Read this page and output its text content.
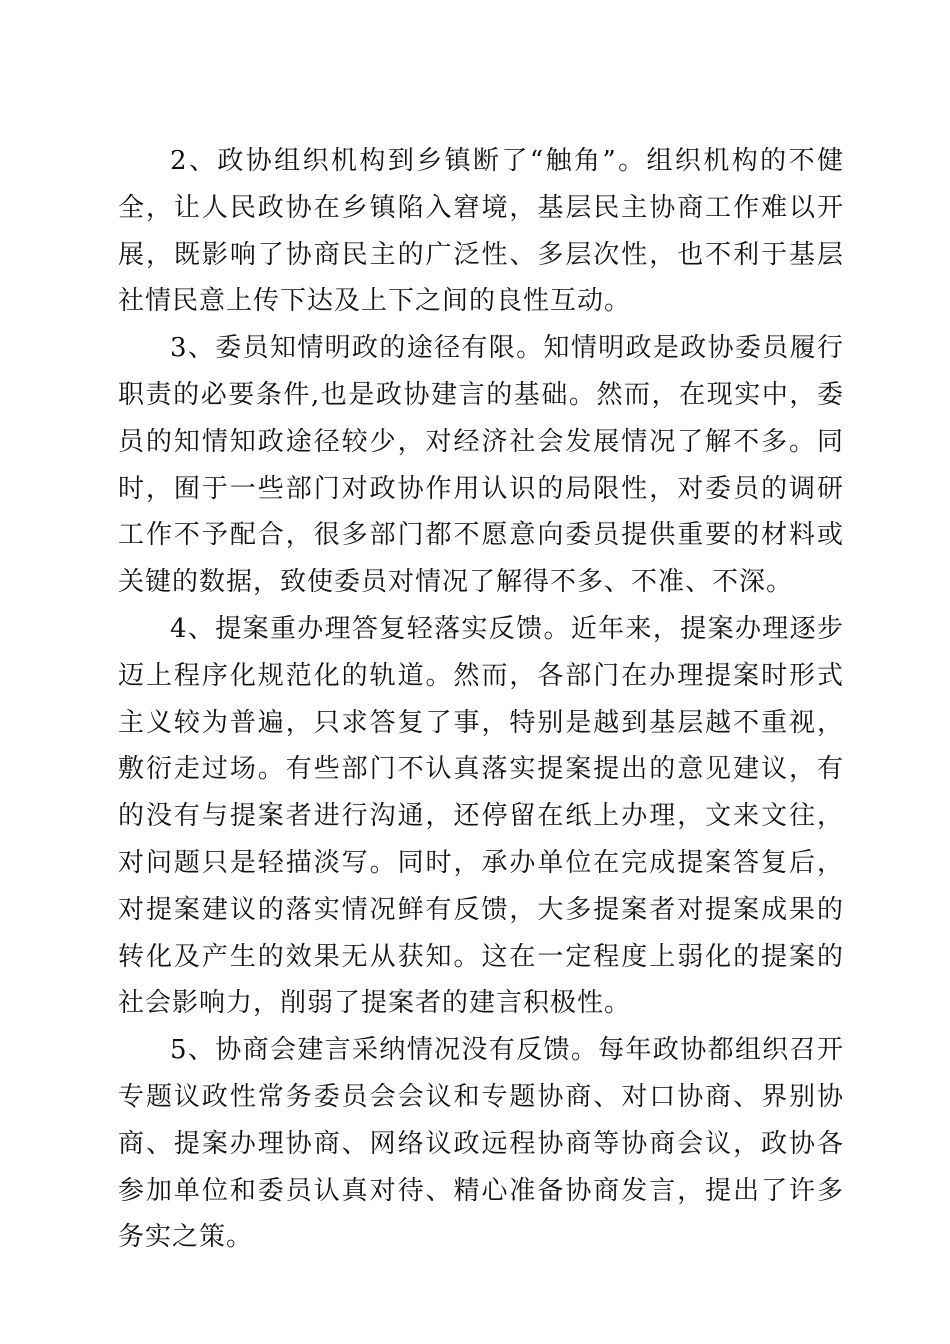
2、政协组织机构到乡镇断了“触角”。组织机构的不健全，让人民政协在乡镇陷入窘境，基层民主协商工作难以开展，既影响了协商民主的广泛性、多层次性，也不利于基层社情民意上传下达及上下之间的良性互动。

3、委员知情明政的途径有限。知情明政是政协委员履行职责的必要条件,也是政协建言的基础。然而，在现实中，委员的知情知政途径较少，对经济社会发展情况了解不多。同时，囿于一些部门对政协作用认识的局限性，对委员的调研工作不予配合，很多部门都不愿意向委员提供重要的材料或关键的数据，致使委员对情况了解得不多、不准、不深。

4、提案重办理答复轻落实反馈。近年来，提案办理逐步迈上程序化规范化的轨道。然而，各部门在办理提案时形式主义较为普遍，只求答复了事，特别是越到基层越不重视，敷衍走过场。有些部门不认真落实提案提出的意见建议，有的没有与提案者进行沟通，还停留在纸上办理，文来文往，对问题只是轻描淡写。同时，承办单位在完成提案答复后，对提案建议的落实情况鲜有反馈，大多提案者对提案成果的转化及产生的效果无从获知。这在一定程度上弱化的提案的社会影响力，削弱了提案者的建言积极性。

5、协商会建言采纳情况没有反馈。每年政协都组织召开专题议政性常务委员会会议和专题协商、对口协商、界别协商、提案办理协商、网络议政远程协商等协商会议，政协各参加单位和委员认真对待、精心准备协商发言，提出了许多务实之策。
